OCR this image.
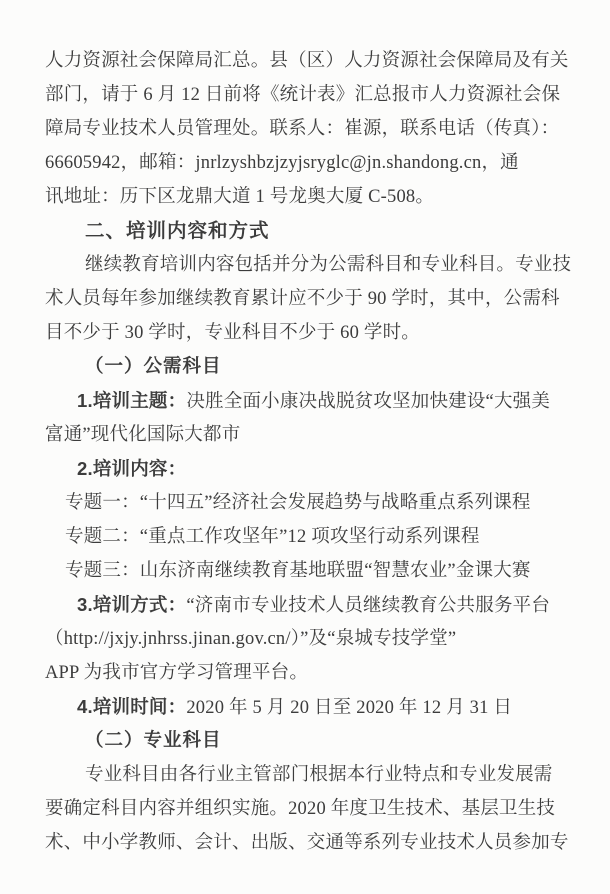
人力资源社会保障局汇总。县（区）人力资源社会保障局及有关
部门，请于 6 月 12 日前将《统计表》汇总报市人力资源社会保
障局专业技术人员管理处。联系人：崔源，联系电话（传真）：
66605942，邮箱：jnrlzyshbzjzyjsryglc@jn.shandong.cn，通
讯地址：历下区龙鼎大道 1 号龙奥大厦 C-508。
二、培训内容和方式
继续教育培训内容包括并分为公需科目和专业科目。专业技
术人员每年参加继续教育累计应不少于 90 学时，其中，公需科
目不少于 30 学时，专业科目不少于 60 学时。
（一）公需科目
1.培训主题：决胜全面小康决战脱贫攻坚加快建设“大强美
富通”现代化国际大都市
2.培训内容：
专题一：“十四五”经济社会发展趋势与战略重点系列课程
专题二：“重点工作攻坚年”12 项攻坚行动系列课程
专题三：山东济南继续教育基地联盟“智慧农业”金课大赛
3.培训方式：“济南市专业技术人员继续教育公共服务平台
（http://jxjy.jnhrss.jinan.gov.cn/）”及“泉城专技学堂”
APP 为我市官方学习管理平台。
4.培训时间：2020 年 5 月 20 日至 2020 年 12 月 31 日
（二）专业科目
专业科目由各行业主管部门根据本行业特点和专业发展需
要确定科目内容并组织实施。2020 年度卫生技术、基层卫生技
术、中小学教师、会计、出版、交通等系列专业技术人员参加专
